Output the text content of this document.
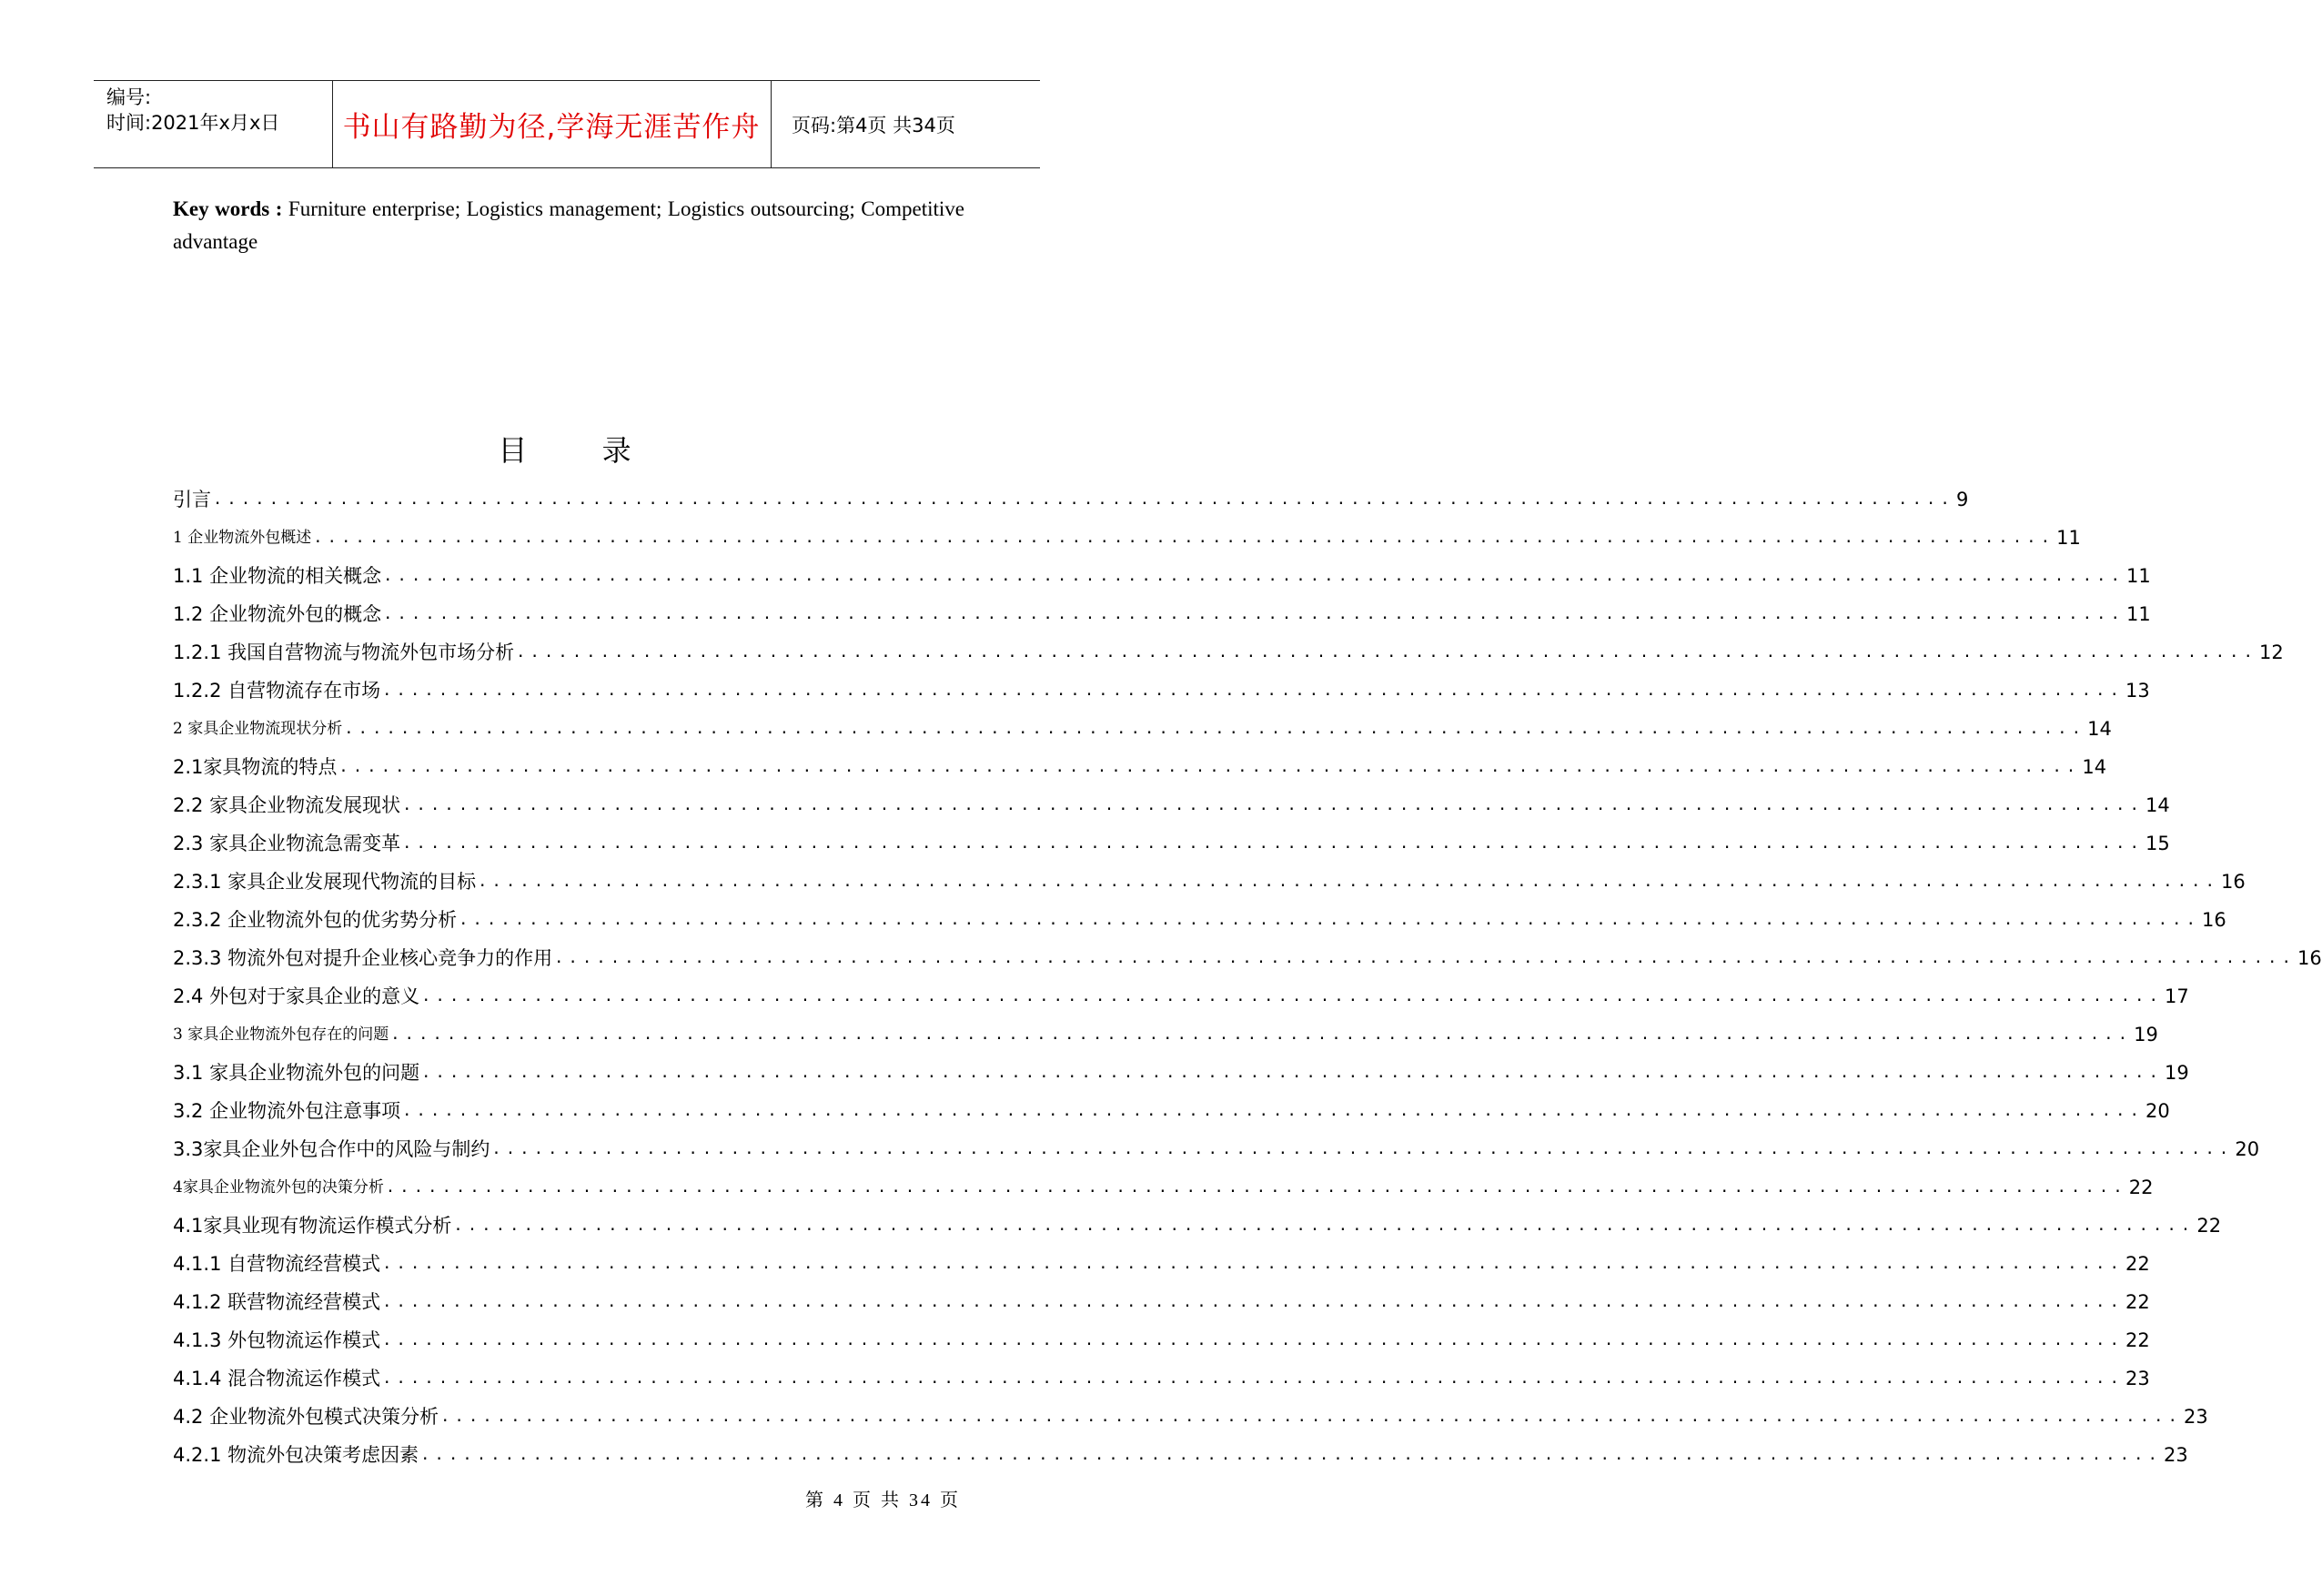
编号:
时间:2021年x月x日	书山有路勤为径,学海无涯苦作舟	页码:第4页 共34页
Key words : Furniture enterprise; Logistics management; Logistics outsourcing; Competitive advantage
目 录
引言 ............................................................................................................................ 9
1 企业物流外包概述 ............................................................................................................................ 11
1.1 企业物流的相关概念 ............................................................................................................................ 11
1.2 企业物流外包的概念 ............................................................................................................................ 11
1.2.1 我国自营物流与物流外包市场分析 ............................................................................................................................ 12
1.2.2 自营物流存在市场 ............................................................................................................................ 13
2 家具企业物流现状分析 ............................................................................................................................ 14
2.1家具物流的特点 ............................................................................................................................ 14
2.2 家具企业物流发展现状 ............................................................................................................................ 14
2.3 家具企业物流急需变革 ............................................................................................................................ 15
2.3.1 家具企业发展现代物流的目标 ............................................................................................................................ 16
2.3.2 企业物流外包的优劣势分析 ............................................................................................................................ 16
2.3.3 物流外包对提升企业核心竞争力的作用 ............................................................................................................................ 16
2.4 外包对于家具企业的意义 ............................................................................................................................ 17
3 家具企业物流外包存在的问题 ............................................................................................................................ 19
3.1 家具企业物流外包的问题 ............................................................................................................................ 19
3.2 企业物流外包注意事项 ............................................................................................................................ 20
3.3家具企业外包合作中的风险与制约 ............................................................................................................................ 20
4家具企业物流外包的决策分析 ............................................................................................................................ 22
4.1家具业现有物流运作模式分析 ............................................................................................................................ 22
4.1.1 自营物流经营模式 ............................................................................................................................ 22
4.1.2 联营物流经营模式 ............................................................................................................................ 22
4.1.3 外包物流运作模式 ............................................................................................................................ 22
4.1.4 混合物流运作模式 ............................................................................................................................ 23
4.2 企业物流外包模式决策分析 ............................................................................................................................ 23
4.2.1 物流外包决策考虑因素 ............................................................................................................................ 23
第 4 页 共 34 页
